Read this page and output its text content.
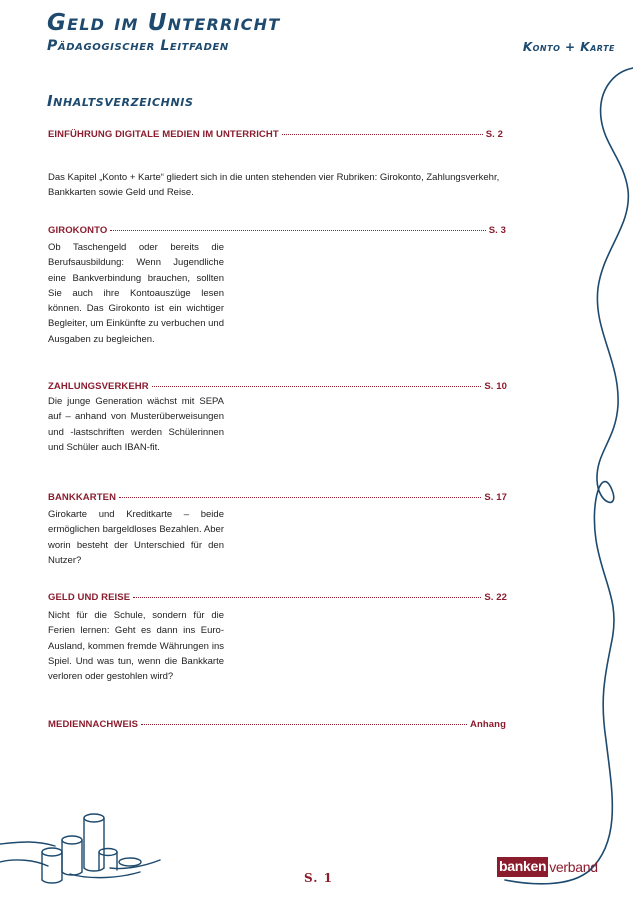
Geld im Unterricht
Pädagogischer Leitfaden	Konto + Karte
Inhaltsverzeichnis
EINFÜHRUNG DIGITALE MEDIEN IM UNTERRICHT	S. 2

Das Kapitel „Konto + Karte“ gliedert sich in die unten stehenden vier Rubriken: Girokonto, Zahlungsverkehr, Bankkarten sowie Geld und Reise.

GIROKONTO	S. 3

Ob Taschengeld oder bereits die Berufsausbildung: Wenn Jugendliche eine Bankverbindung brauchen, sollten Sie auch ihre Kontoauszüge lesen können. Das Girokonto ist ein wichtiger Begleiter, um Einkünfte zu verbuchen und Ausgaben zu begleichen.

ZAHLUNGSVERKEHR	S. 10

Die junge Generation wächst mit SEPA auf – anhand von Musterüberweisungen und -lastschriften werden Schülerinnen und Schüler auch IBAN-fit.

BANKKARTEN	S. 17

Girokarte und Kreditkarte – beide ermöglichen bargeldloses Bezahlen. Aber worin besteht der Unterschied für den Nutzer?

GELD UND REISE	S. 22

Nicht für die Schule, sondern für die Ferien lernen: Geht es dann ins Euro-Ausland, kommen fremde Währungen ins Spiel. Und was tun, wenn die Bankkarte verloren oder gestohlen wird?

MEDIENNACHWEIS	Anhang
S. 1
banken verband
